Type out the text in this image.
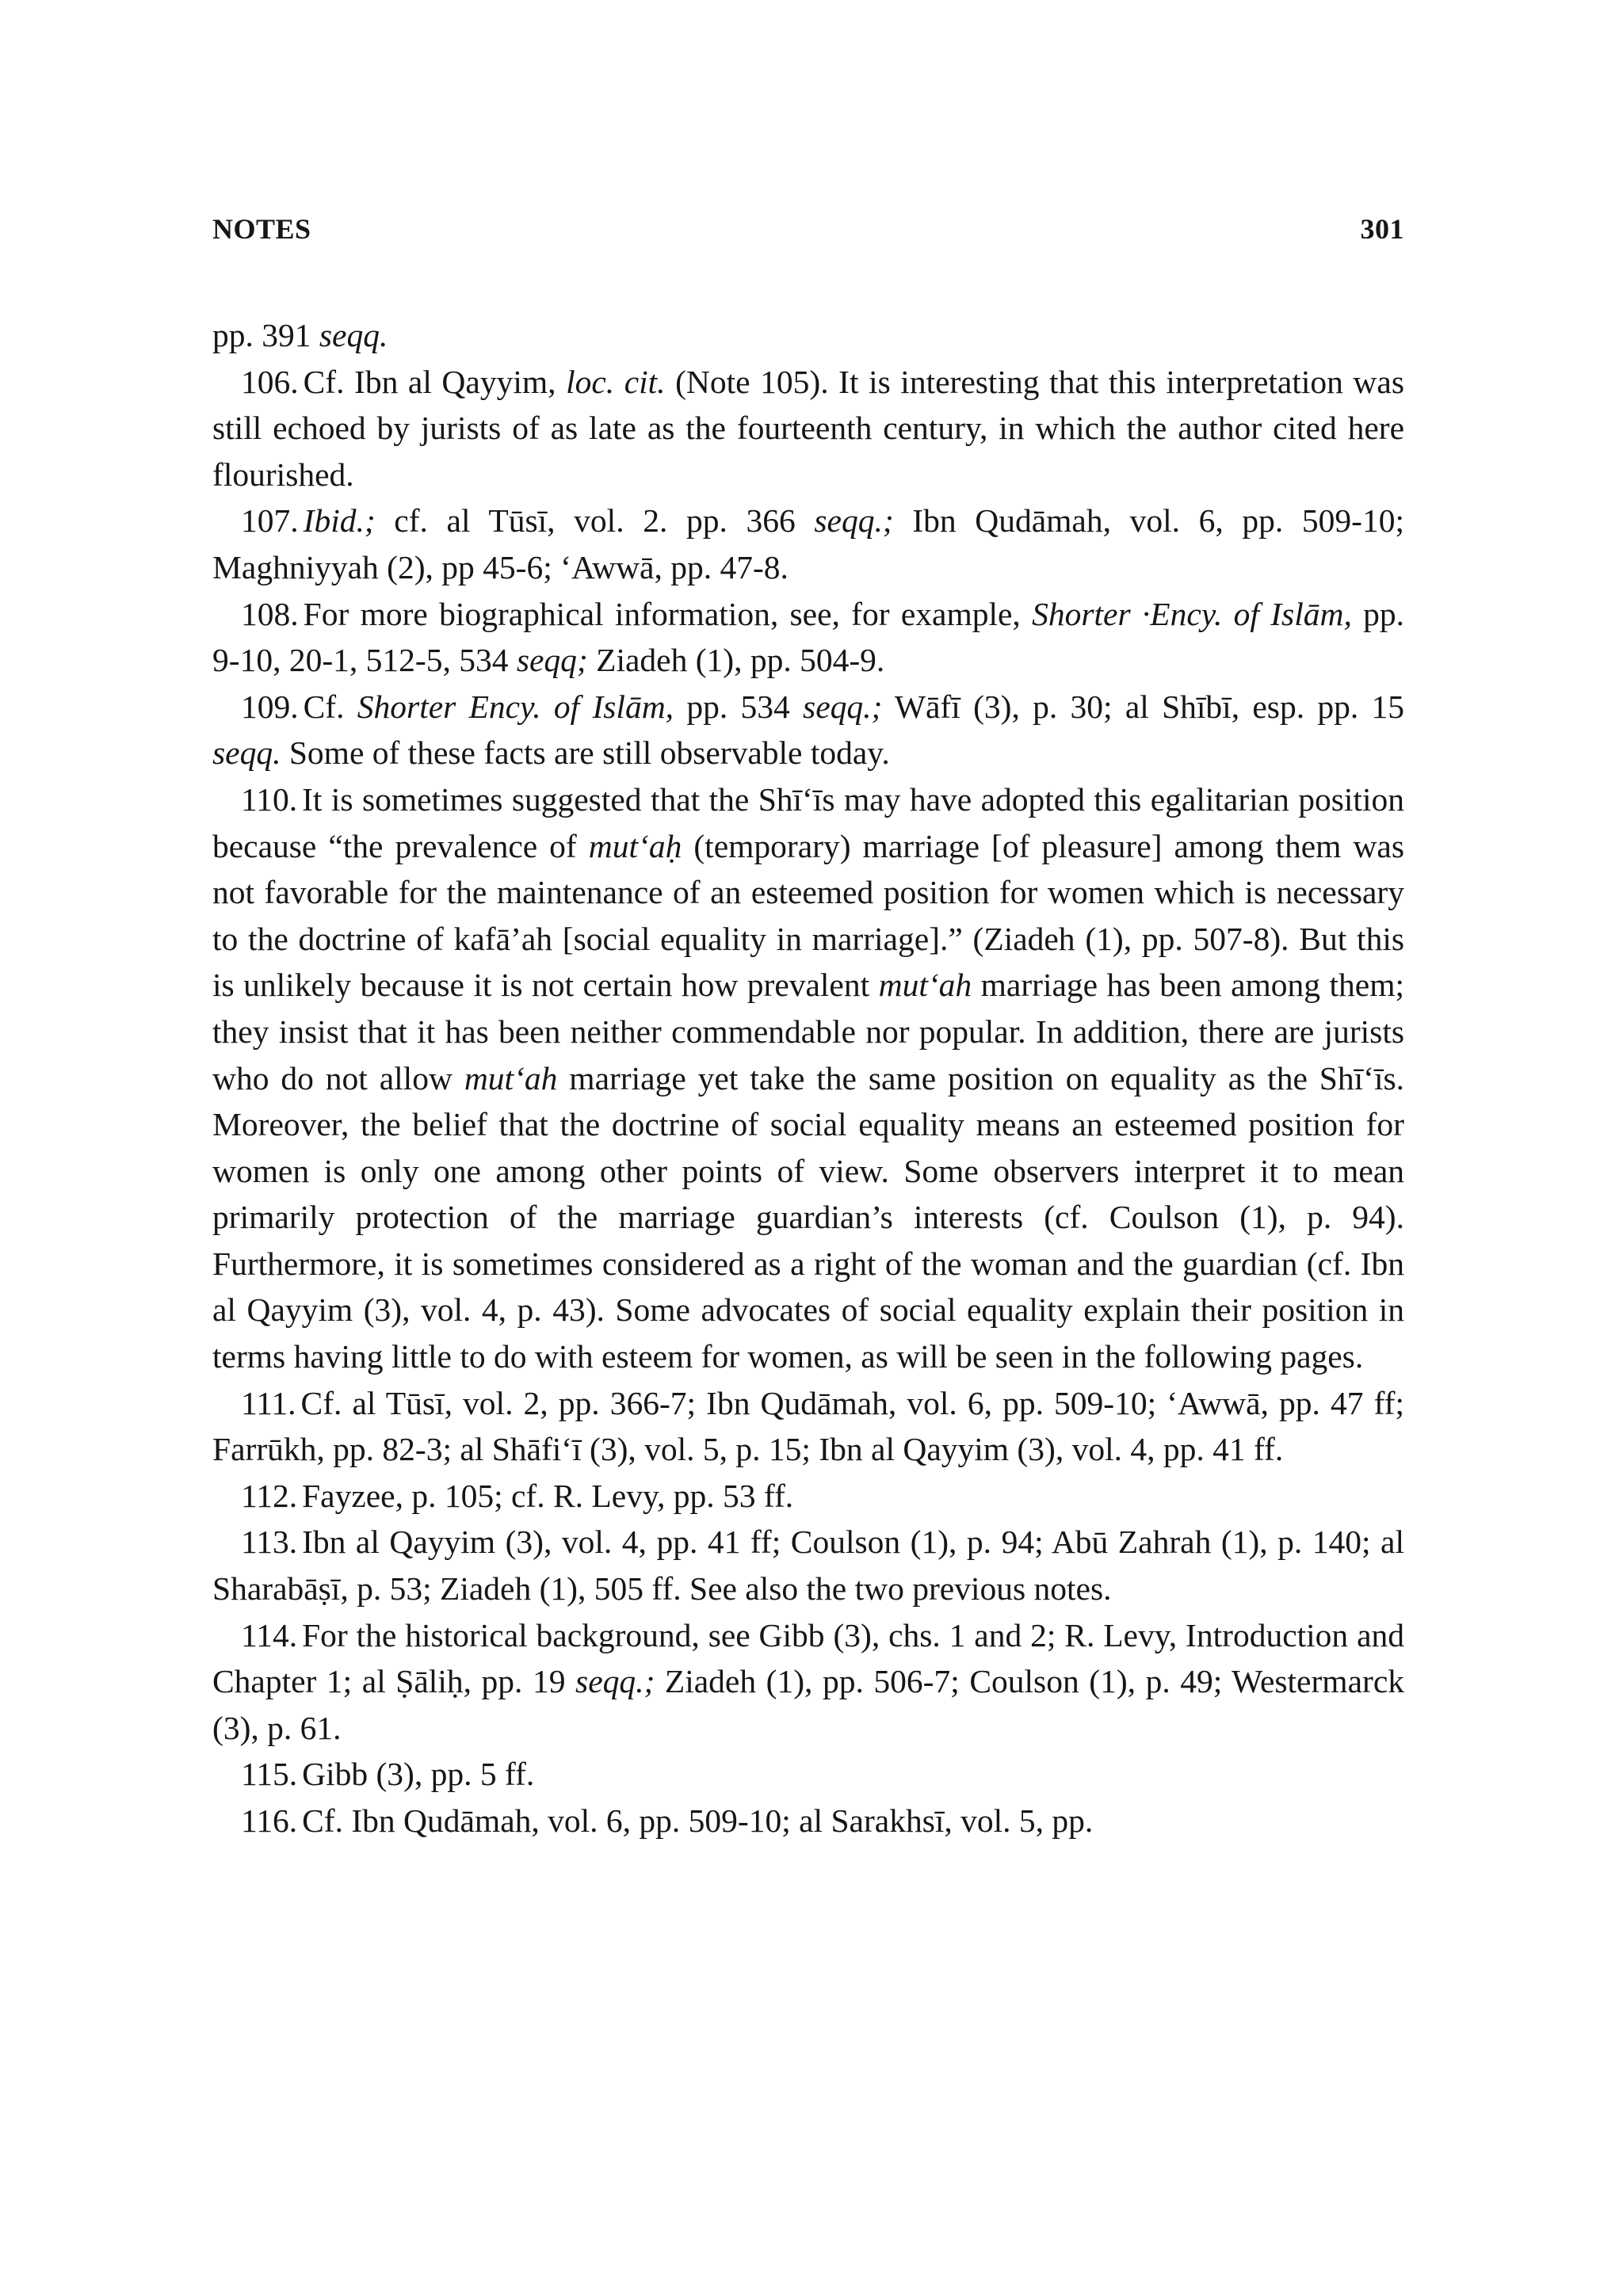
NOTES	301

pp. 391 seqq.

106. Cf. Ibn al Qayyim, loc. cit. (Note 105). It is interesting that this interpretation was still echoed by jurists of as late as the fourteenth century, in which the author cited here flourished.

107. Ibid.; cf. al Tūsī, vol. 2. pp. 366 seqq.; Ibn Qudāmah, vol. 6, pp. 509-10; Maghniyyah (2), pp 45-6; ‘Awwā, pp. 47-8.

108. For more biographical information, see, for example, Shorter ·Ency. of Islām, pp. 9-10, 20-1, 512-5, 534 seqq; Ziadeh (1), pp. 504-9.

109. Cf. Shorter Ency. of Islām, pp. 534 seqq.; Wāfī (3), p. 30; al Shībī, esp. pp. 15 seqq. Some of these facts are still observable today.

110. It is sometimes suggested that the Shī‘īs may have adopted this egalitarian position because “the prevalence of mut‘aḥ (temporary) marriage [of pleasure] among them was not favorable for the maintenance of an esteemed position for women which is necessary to the doctrine of kafā’ah [social equality in marriage].” (Ziadeh (1), pp. 507-8). But this is unlikely because it is not certain how prevalent mut‘ah marriage has been among them; they insist that it has been neither commendable nor popular. In addition, there are jurists who do not allow mut‘ah marriage yet take the same position on equality as the Shī‘īs. Moreover, the belief that the doctrine of social equality means an esteemed position for women is only one among other points of view. Some observers interpret it to mean primarily protection of the marriage guardian’s interests (cf. Coulson (1), p. 94). Furthermore, it is sometimes considered as a right of the woman and the guardian (cf. Ibn al Qayyim (3), vol. 4, p. 43). Some advocates of social equality explain their position in terms having little to do with esteem for women, as will be seen in the following pages.

111. Cf. al Tūsī, vol. 2, pp. 366-7; Ibn Qudāmah, vol. 6, pp. 509-10; ‘Awwā, pp. 47 ff; Farrūkh, pp. 82-3; al Shāfi‘ī (3), vol. 5, p. 15; Ibn al Qayyim (3), vol. 4, pp. 41 ff.

112. Fayzee, p. 105; cf. R. Levy, pp. 53 ff.

113. Ibn al Qayyim (3), vol. 4, pp. 41 ff; Coulson (1), p. 94; Abū Zahrah (1), p. 140; al Sharabāṣī, p. 53; Ziadeh (1), 505 ff. See also the two previous notes.

114. For the historical background, see Gibb (3), chs. 1 and 2; R. Levy, Introduction and Chapter 1; al Ṣāliḥ, pp. 19 seqq.; Ziadeh (1), pp. 506-7; Coulson (1), p. 49; Westermarck (3), p. 61.

115. Gibb (3), pp. 5 ff.

116. Cf. Ibn Qudāmah, vol. 6, pp. 509-10; al Sarakhsī, vol. 5, pp.
